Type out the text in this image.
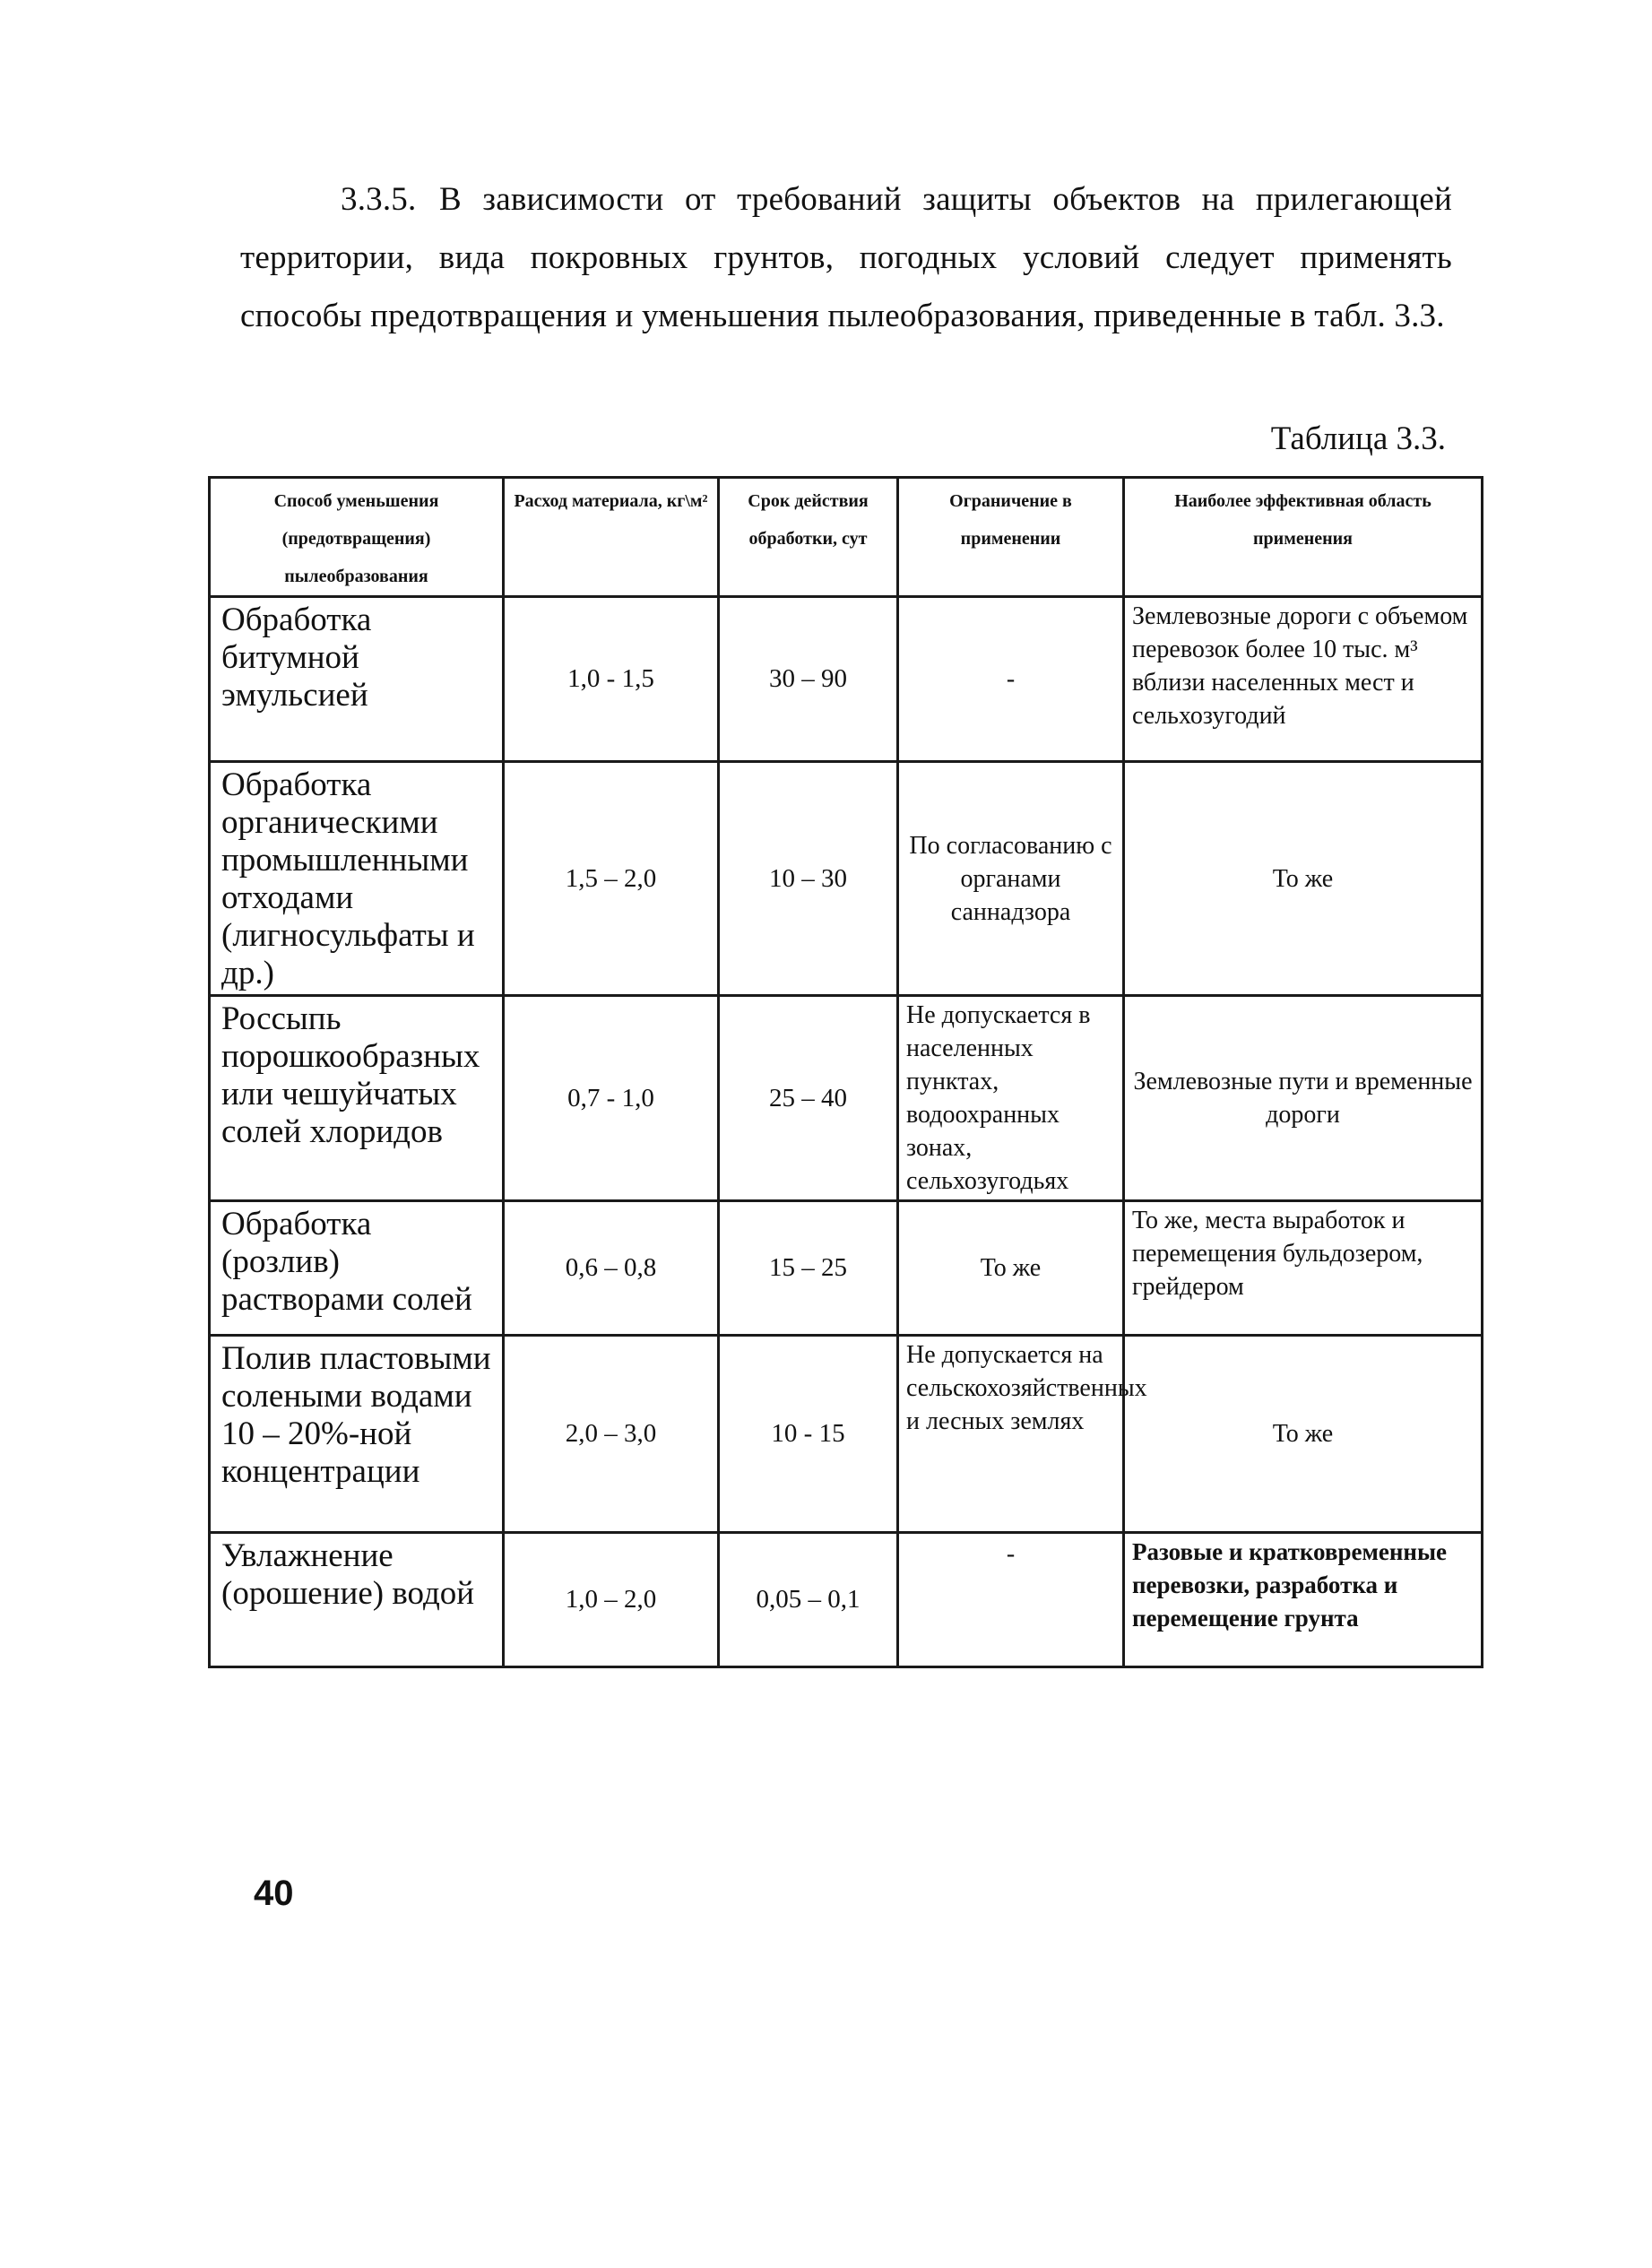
3.3.5. В зависимости от требований защиты объектов на прилегающей территории, вида покровных грунтов, погодных условий следует применять способы предотвращения и уменьшения пылеобразования, приведенные в табл. 3.3.
Таблица 3.3.
Способ уменьшения (предотвращения) пылеобразования	Расход материала, кг\м²	Срок действия обработки, сут	Ограничение в применении	Наиболее эффективная область применения
Обработка битумной эмульсией	1,0 - 1,5	30 – 90	-	Землевозные дороги с объемом перевозок более 10 тыс. м³ вблизи населенных мест и сельхозугодий
Обработка органическими промышленными отходами (лигносульфаты и др.)	1,5 – 2,0	10 – 30	По согласованию с органами саннадзора	То же
Россыпь порошкообразных или чешуйчатых солей хлоридов	0,7 - 1,0	25 – 40	Не допускается в населенных пунктах, водоохранных зонах, сельхозугодьях	Землевозные пути и временные дороги
Обработка (розлив) растворами солей	0,6 – 0,8	15 – 25	То же	То же, места выработок и перемещения бульдозером, грейдером
Полив пластовыми солеными водами 10 – 20%-ной концентрации	2,0 – 3,0	10 - 15	Не допускается на сельскохозяйственных и лесных землях	То же
Увлажнение (орошение) водой	1,0 – 2,0	0,05 – 0,1	-	Разовые и кратковременные перевозки, разработка и перемещение грунта
40
